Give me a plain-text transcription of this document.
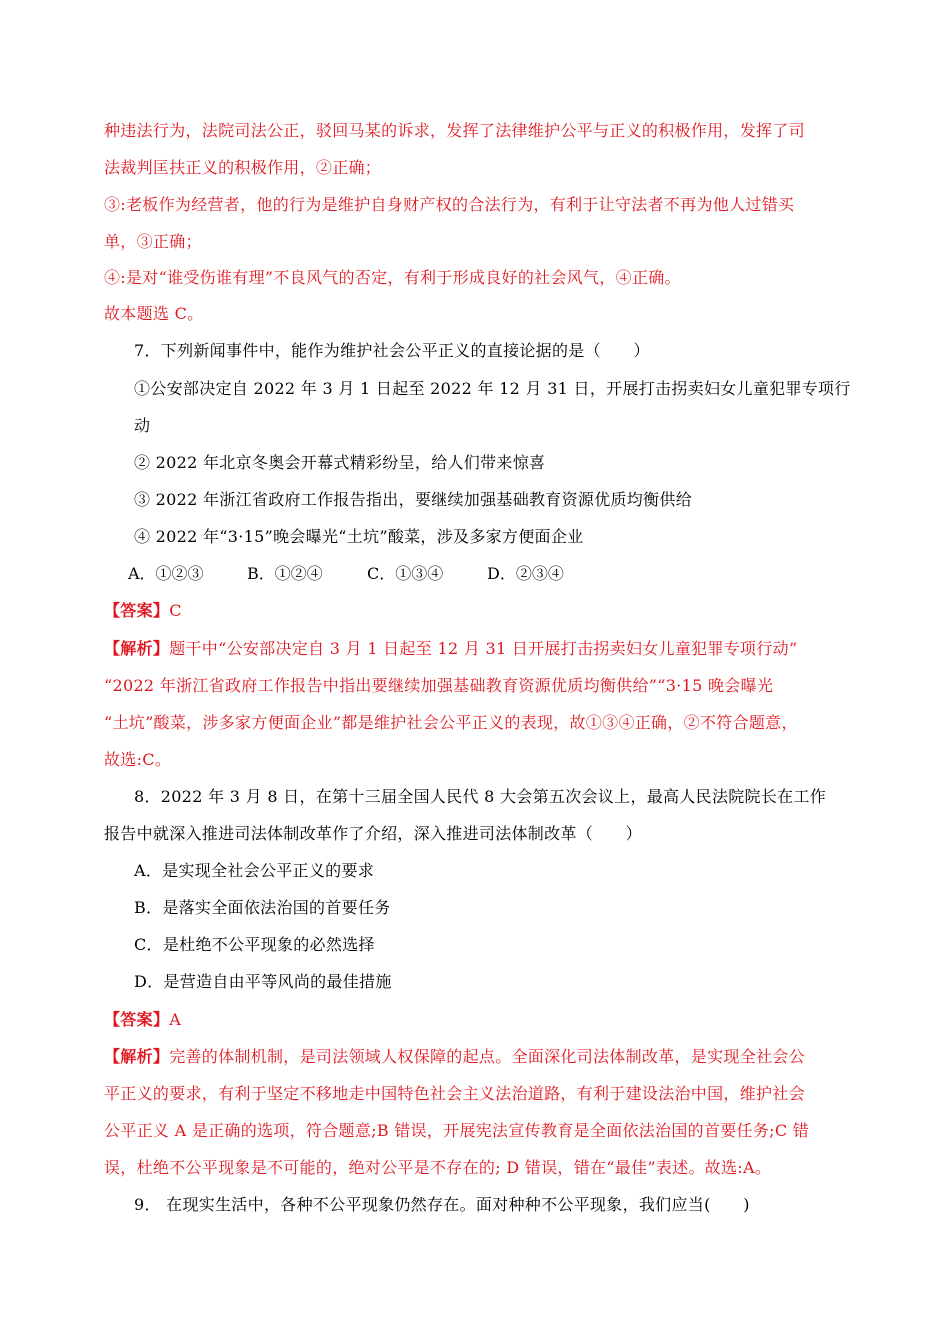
种违法行为，法院司法公正，驳回马某的诉求，发挥了法律维护公平与正义的积极作用，发挥了司
法裁判匡扶正义的积极作用，②正确；
③:老板作为经营者，他的行为是维护自身财产权的合法行为，有利于让守法者不再为他人过错买
单，③正确；
④:是对“谁受伤谁有理”不良风气的否定，有利于形成良好的社会风气，④正确。
故本题选 C。
7．下列新闻事件中，能作为维护社会公平正义的直接论据的是（　　）
①公安部决定自 2022 年 3 月 1 日起至 2022 年 12 月 31 日，开展打击拐卖妇女儿童犯罪专项行
动
② 2022 年北京冬奥会开幕式精彩纷呈，给人们带来惊喜
③ 2022 年浙江省政府工作报告指出，要继续加强基础教育资源优质均衡供给
④ 2022 年“3·15”晚会曝光“土坑”酸菜，涉及多家方便面企业
A．①②③	B．①②④	C．①③④	D．②③④
【答案】C
【解析】题干中“公安部决定自 3 月 1 日起至 12 月 31 日开展打击拐卖妇女儿童犯罪专项行动”
“2022 年浙江省政府工作报告中指出要继续加强基础教育资源优质均衡供给”“3·15 晚会曝光
“土坑”酸菜，涉多家方便面企业”都是维护社会公平正义的表现，故①③④正确，②不符合题意，
故选:C。
8．2022 年 3 月 8 日，在第十三届全国人民代 8 大会第五次会议上，最高人民法院院长在工作
报告中就深入推进司法体制改革作了介绍，深入推进司法体制改革（　　）
A．是实现全社会公平正义的要求
B．是落实全面依法治国的首要任务
C．是杜绝不公平现象的必然选择
D．是营造自由平等风尚的最佳措施
【答案】A
【解析】完善的体制机制，是司法领域人权保障的起点。全面深化司法体制改革，是实现全社会公
平正义的要求，有利于坚定不移地走中国特色社会主义法治道路，有利于建设法治中国，维护社会
公平正义 A 是正确的选项，符合题意;B 错误，开展宪法宣传教育是全面依法治国的首要任务;C 错
误，杜绝不公平现象是不可能的，绝对公平是不存在的; D 错误，错在“最佳”表述。故选:A。
9． 在现实生活中，各种不公平现象仍然存在。面对种种不公平现象，我们应当(　　)
